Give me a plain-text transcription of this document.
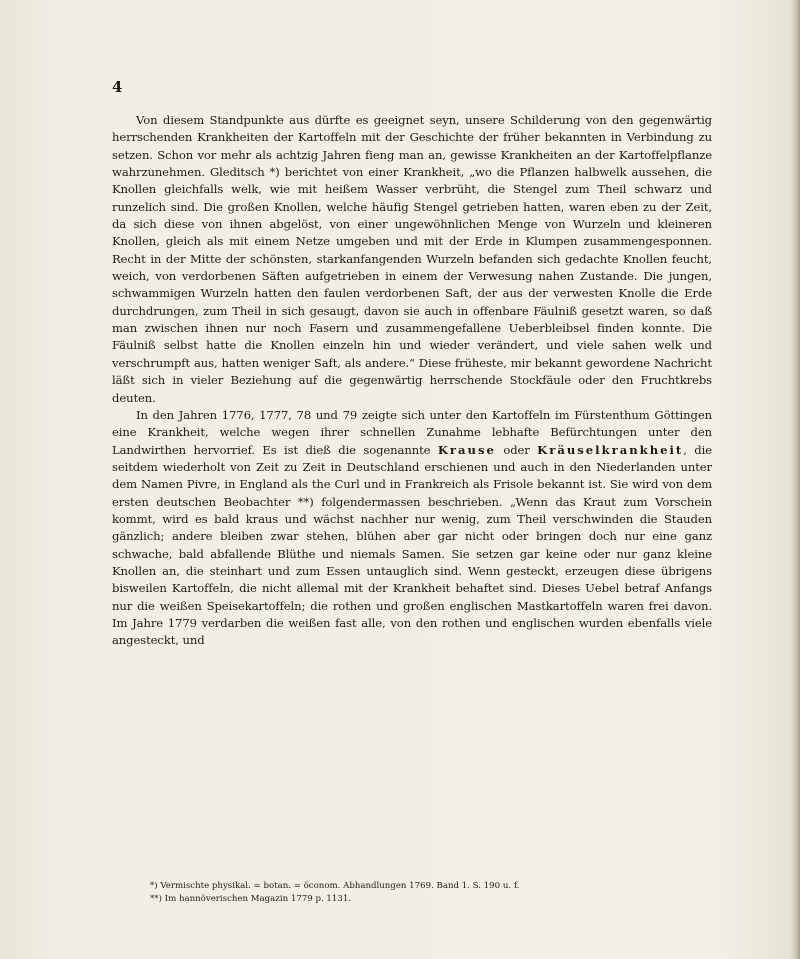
4

Von diesem Standpunkte aus dürfte es geeignet seyn, unsere Schilderung von den gegenwärtig herrschenden Krankheiten der Kartoffeln mit der Geschichte der früher bekannten in Verbindung zu setzen. Schon vor mehr als achtzig Jahren fieng man an, gewisse Krankheiten an der Kartoffelpflanze wahrzunehmen. Gleditsch *) berichtet von einer Krankheit, „wo die Pflanzen halbwelk aussehen, die Knollen gleichfalls welk, wie mit heißem Wasser verbrüht, die Stengel zum Theil schwarz und runzelich sind. Die großen Knollen, welche häufig Stengel getrieben hatten, waren eben zu der Zeit, da sich diese von ihnen abgelöst, von einer ungewöhnlichen Menge von Wurzeln und kleineren Knollen, gleich als mit einem Netze umgeben und mit der Erde in Klumpen zusammengesponnen. Recht in der Mitte der schönsten, starkanfangenden Wurzeln befanden sich gedachte Knollen feucht, weich, von verdorbenen Säften aufgetrieben in einem der Verwesung nahen Zustande. Die jungen, schwammigen Wurzeln hatten den faulen verdorbenen Saft, der aus der verwesten Knolle die Erde durchdrungen, zum Theil in sich gesaugt, davon sie auch in offenbare Fäulniß gesetzt waren, so daß man zwischen ihnen nur noch Fasern und zusammengefallene Ueberbleibsel finden konnte. Die Fäulniß selbst hatte die Knollen einzeln hin und wieder verändert, und viele sahen welk und verschrumpft aus, hatten weniger Saft, als andere.“ Diese früheste, mir bekannt gewordene Nachricht läßt sich in vieler Beziehung auf die gegenwärtig herrschende Stockfäule oder den Fruchtkrebs deuten.

In den Jahren 1776, 1777, 78 und 79 zeigte sich unter den Kartoffeln im Fürstenthum Göttingen eine Krankheit, welche wegen ihrer schnellen Zunahme lebhafte Befürchtungen unter den Landwirthen hervorrief. Es ist dieß die sogenannte Krause oder Kräuselkrankheit, die seitdem wiederholt von Zeit zu Zeit in Deutschland erschienen und auch in den Niederlanden unter dem Namen Pivre, in England als the Curl und in Frankreich als Frisole bekannt ist. Sie wird von dem ersten deutschen Beobachter **) folgendermassen beschrieben. „Wenn das Kraut zum Vorschein kommt, wird es bald kraus und wächst nachher nur wenig, zum Theil verschwinden die Stauden gänzlich; andere bleiben zwar stehen, blühen aber gar nicht oder bringen doch nur eine ganz schwache, bald abfallende Blüthe und niemals Samen. Sie setzen gar keine oder nur ganz kleine Knollen an, die steinhart und zum Essen untauglich sind. Wenn gesteckt, erzeugen diese übrigens bisweilen Kartoffeln, die nicht allemal mit der Krankheit behaftet sind. Dieses Uebel betraf Anfangs nur die weißen Speisekartoffeln; die rothen und großen englischen Mastkartoffeln waren frei davon. Im Jahre 1779 verdarben die weißen fast alle, von den rothen und englischen wurden ebenfalls viele angesteckt, und

*) Vermischte physikal. = botan. = öconom. Abhandlungen 1769. Band 1. S. 190 u. f.
**) Im hannöverischen Magazin 1779 p. 1131.
